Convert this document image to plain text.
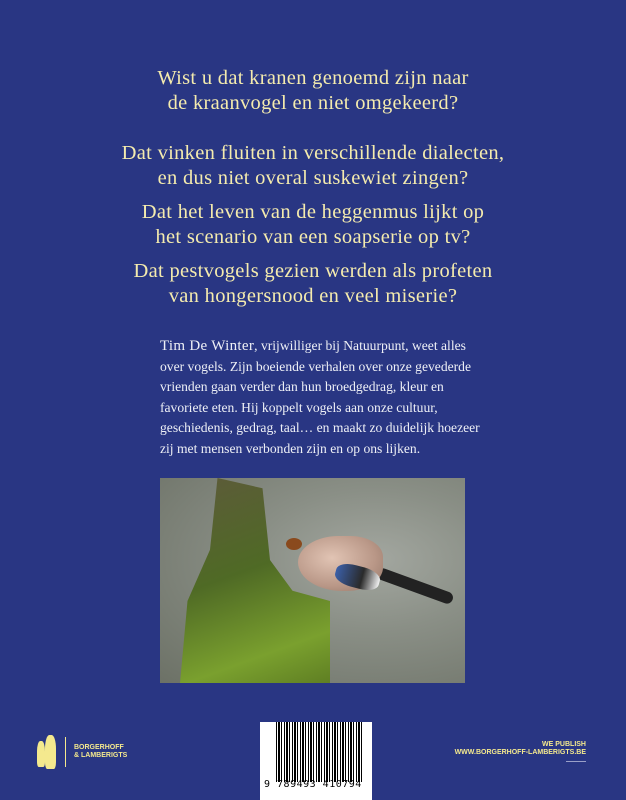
Wist u dat kranen genoemd zijn naar
de kraanvogel en niet omgekeerd?
Dat vinken fluiten in verschillende dialecten,
en dus niet overal suskewiet zingen?
Dat het leven van de heggenmus lijkt op
het scenario van een soapserie op tv?
Dat pestvogels gezien werden als profeten
van hongersnood en veel miserie?
Tim De Winter, vrijwilliger bij Natuurpunt, weet alles over vogels. Zijn boeiende verhalen over onze gevederde vrienden gaan verder dan hun broedgedrag, kleur en favoriete eten. Hij koppelt vogels aan onze cultuur, geschiedenis, gedrag, taal… en maakt zo duidelijk hoezeer zij met mensen verbonden zijn en op ons lijken.
BORGERHOFF
& LAMBERIGTS
9 789493 410794
WE PUBLISH
WWW.BORGERHOFF-LAMBERIGTS.BE
